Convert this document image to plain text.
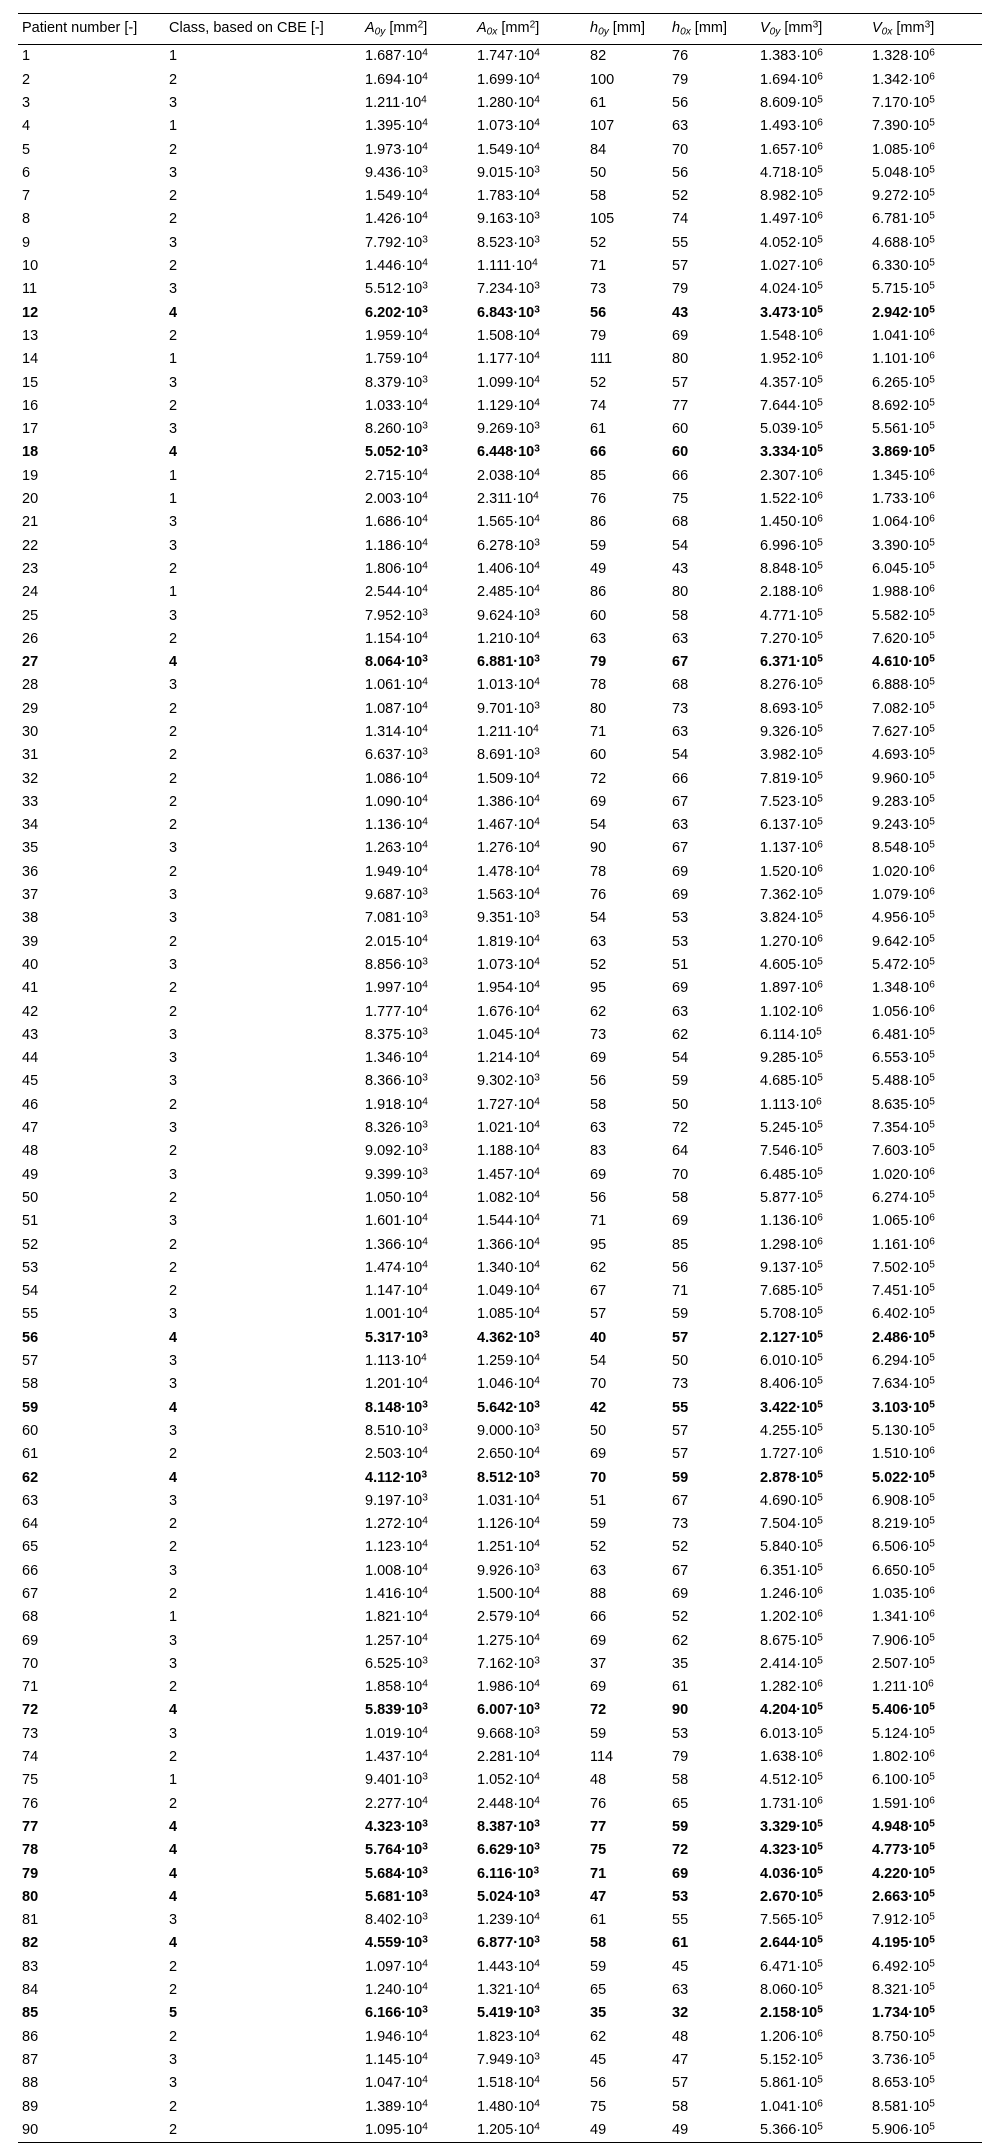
Patient number [-]	Class, based on CBE [-]	$A_{0y}$ $[mm^2]$	$A_{0x}$ $[mm^2]$	$h_{0y}$ [mm]	$h_{0x}$ [mm]	$V_{0y}$ $[mm^3]$	$V_{0x}$ $[mm^3]$
1	1	$1.687\cdot 10^4$	$1.747\cdot 10^4$	82	76	$1.383\cdot 10^6$	$1.328\cdot 10^6$
2	2	$1.694\cdot 10^4$	$1.699\cdot 10^4$	100	79	$1.694\cdot 10^6$	$1.342\cdot 10^6$
3	3	$1.211\cdot 10^4$	$1.280\cdot 10^4$	61	56	$8.609\cdot 10^5$	$7.170\cdot 10^5$
4	1	$1.395\cdot 10^4$	$1.073\cdot 10^4$	107	63	$1.493\cdot 10^6$	$7.390\cdot 10^5$
5	2	$1.973\cdot 10^4$	$1.549\cdot 10^4$	84	70	$1.657\cdot 10^6$	$1.085\cdot 10^6$
6	3	$9.436\cdot 10^3$	$9.015\cdot 10^3$	50	56	$4.718\cdot 10^5$	$5.048\cdot 10^5$
7	2	$1.549\cdot 10^4$	$1.783\cdot 10^4$	58	52	$8.982\cdot 10^5$	$9.272\cdot 10^5$
8	2	$1.426\cdot 10^4$	$9.163\cdot 10^3$	105	74	$1.497\cdot 10^6$	$6.781\cdot 10^5$
9	3	$7.792\cdot 10^3$	$8.523\cdot 10^3$	52	55	$4.052\cdot 10^5$	$4.688\cdot 10^5$
10	2	$1.446\cdot 10^4$	$1.111\cdot 10^4$	71	57	$1.027\cdot 10^6$	$6.330\cdot 10^5$
11	3	$5.512\cdot 10^3$	$7.234\cdot 10^3$	73	79	$4.024\cdot 10^5$	$5.715\cdot 10^5$
12	4	$6.202\cdot 10^3$	$6.843\cdot 10^3$	56	43	$3.473\cdot 10^5$	$2.942\cdot 10^5$
13	2	$1.959\cdot 10^4$	$1.508\cdot 10^4$	79	69	$1.548\cdot 10^6$	$1.041\cdot 10^6$
14	1	$1.759\cdot 10^4$	$1.177\cdot 10^4$	111	80	$1.952\cdot 10^6$	$1.101\cdot 10^6$
15	3	$8.379\cdot 10^3$	$1.099\cdot 10^4$	52	57	$4.357\cdot 10^5$	$6.265\cdot 10^5$
16	2	$1.033\cdot 10^4$	$1.129\cdot 10^4$	74	77	$7.644\cdot 10^5$	$8.692\cdot 10^5$
17	3	$8.260\cdot 10^3$	$9.269\cdot 10^3$	61	60	$5.039\cdot 10^5$	$5.561\cdot 10^5$
18	4	$5.052\cdot 10^3$	$6.448\cdot 10^3$	66	60	$3.334\cdot 10^5$	$3.869\cdot 10^5$
19	1	$2.715\cdot 10^4$	$2.038\cdot 10^4$	85	66	$2.307\cdot 10^6$	$1.345\cdot 10^6$
20	1	$2.003\cdot 10^4$	$2.311\cdot 10^4$	76	75	$1.522\cdot 10^6$	$1.733\cdot 10^6$
21	3	$1.686\cdot 10^4$	$1.565\cdot 10^4$	86	68	$1.450\cdot 10^6$	$1.064\cdot 10^6$
22	3	$1.186\cdot 10^4$	$6.278\cdot 10^3$	59	54	$6.996\cdot 10^5$	$3.390\cdot 10^5$
23	2	$1.806\cdot 10^4$	$1.406\cdot 10^4$	49	43	$8.848\cdot 10^5$	$6.045\cdot 10^5$
24	1	$2.544\cdot 10^4$	$2.485\cdot 10^4$	86	80	$2.188\cdot 10^6$	$1.988\cdot 10^6$
25	3	$7.952\cdot 10^3$	$9.624\cdot 10^3$	60	58	$4.771\cdot 10^5$	$5.582\cdot 10^5$
26	2	$1.154\cdot 10^4$	$1.210\cdot 10^4$	63	63	$7.270\cdot 10^5$	$7.620\cdot 10^5$
27	4	$8.064\cdot 10^3$	$6.881\cdot 10^3$	79	67	$6.371\cdot 10^5$	$4.610\cdot 10^5$
28	3	$1.061\cdot 10^4$	$1.013\cdot 10^4$	78	68	$8.276\cdot 10^5$	$6.888\cdot 10^5$
29	2	$1.087\cdot 10^4$	$9.701\cdot 10^3$	80	73	$8.693\cdot 10^5$	$7.082\cdot 10^5$
30	2	$1.314\cdot 10^4$	$1.211\cdot 10^4$	71	63	$9.326\cdot 10^5$	$7.627\cdot 10^5$
31	2	$6.637\cdot 10^3$	$8.691\cdot 10^3$	60	54	$3.982\cdot 10^5$	$4.693\cdot 10^5$
32	2	$1.086\cdot 10^4$	$1.509\cdot 10^4$	72	66	$7.819\cdot 10^5$	$9.960\cdot 10^5$
33	2	$1.090\cdot 10^4$	$1.386\cdot 10^4$	69	67	$7.523\cdot 10^5$	$9.283\cdot 10^5$
34	2	$1.136\cdot 10^4$	$1.467\cdot 10^4$	54	63	$6.137\cdot 10^5$	$9.243\cdot 10^5$
35	3	$1.263\cdot 10^4$	$1.276\cdot 10^4$	90	67	$1.137\cdot 10^6$	$8.548\cdot 10^5$
36	2	$1.949\cdot 10^4$	$1.478\cdot 10^4$	78	69	$1.520\cdot 10^6$	$1.020\cdot 10^6$
37	3	$9.687\cdot 10^3$	$1.563\cdot 10^4$	76	69	$7.362\cdot 10^5$	$1.079\cdot 10^6$
38	3	$7.081\cdot 10^3$	$9.351\cdot 10^3$	54	53	$3.824\cdot 10^5$	$4.956\cdot 10^5$
39	2	$2.015\cdot 10^4$	$1.819\cdot 10^4$	63	53	$1.270\cdot 10^6$	$9.642\cdot 10^5$
40	3	$8.856\cdot 10^3$	$1.073\cdot 10^4$	52	51	$4.605\cdot 10^5$	$5.472\cdot 10^5$
41	2	$1.997\cdot 10^4$	$1.954\cdot 10^4$	95	69	$1.897\cdot 10^6$	$1.348\cdot 10^6$
42	2	$1.777\cdot 10^4$	$1.676\cdot 10^4$	62	63	$1.102\cdot 10^6$	$1.056\cdot 10^6$
43	3	$8.375\cdot 10^3$	$1.045\cdot 10^4$	73	62	$6.114\cdot 10^5$	$6.481\cdot 10^5$
44	3	$1.346\cdot 10^4$	$1.214\cdot 10^4$	69	54	$9.285\cdot 10^5$	$6.553\cdot 10^5$
45	3	$8.366\cdot 10^3$	$9.302\cdot 10^3$	56	59	$4.685\cdot 10^5$	$5.488\cdot 10^5$
46	2	$1.918\cdot 10^4$	$1.727\cdot 10^4$	58	50	$1.113\cdot 10^6$	$8.635\cdot 10^5$
47	3	$8.326\cdot 10^3$	$1.021\cdot 10^4$	63	72	$5.245\cdot 10^5$	$7.354\cdot 10^5$
48	2	$9.092\cdot 10^3$	$1.188\cdot 10^4$	83	64	$7.546\cdot 10^5$	$7.603\cdot 10^5$
49	3	$9.399\cdot 10^3$	$1.457\cdot 10^4$	69	70	$6.485\cdot 10^5$	$1.020\cdot 10^6$
50	2	$1.050\cdot 10^4$	$1.082\cdot 10^4$	56	58	$5.877\cdot 10^5$	$6.274\cdot 10^5$
51	3	$1.601\cdot 10^4$	$1.544\cdot 10^4$	71	69	$1.136\cdot 10^6$	$1.065\cdot 10^6$
52	2	$1.366\cdot 10^4$	$1.366\cdot 10^4$	95	85	$1.298\cdot 10^6$	$1.161\cdot 10^6$
53	2	$1.474\cdot 10^4$	$1.340\cdot 10^4$	62	56	$9.137\cdot 10^5$	$7.502\cdot 10^5$
54	2	$1.147\cdot 10^4$	$1.049\cdot 10^4$	67	71	$7.685\cdot 10^5$	$7.451\cdot 10^5$
55	3	$1.001\cdot 10^4$	$1.085\cdot 10^4$	57	59	$5.708\cdot 10^5$	$6.402\cdot 10^5$
56	4	$5.317\cdot 10^3$	$4.362\cdot 10^3$	40	57	$2.127\cdot 10^5$	$2.486\cdot 10^5$
57	3	$1.113\cdot 10^4$	$1.259\cdot 10^4$	54	50	$6.010\cdot 10^5$	$6.294\cdot 10^5$
58	3	$1.201\cdot 10^4$	$1.046\cdot 10^4$	70	73	$8.406\cdot 10^5$	$7.634\cdot 10^5$
59	4	$8.148\cdot 10^3$	$5.642\cdot 10^3$	42	55	$3.422\cdot 10^5$	$3.103\cdot 10^5$
60	3	$8.510\cdot 10^3$	$9.000\cdot 10^3$	50	57	$4.255\cdot 10^5$	$5.130\cdot 10^5$
61	2	$2.503\cdot 10^4$	$2.650\cdot 10^4$	69	57	$1.727\cdot 10^6$	$1.510\cdot 10^6$
62	4	$4.112\cdot 10^3$	$8.512\cdot 10^3$	70	59	$2.878\cdot 10^5$	$5.022\cdot 10^5$
63	3	$9.197\cdot 10^3$	$1.031\cdot 10^4$	51	67	$4.690\cdot 10^5$	$6.908\cdot 10^5$
64	2	$1.272\cdot 10^4$	$1.126\cdot 10^4$	59	73	$7.504\cdot 10^5$	$8.219\cdot 10^5$
65	2	$1.123\cdot 10^4$	$1.251\cdot 10^4$	52	52	$5.840\cdot 10^5$	$6.506\cdot 10^5$
66	3	$1.008\cdot 10^4$	$9.926\cdot 10^3$	63	67	$6.351\cdot 10^5$	$6.650\cdot 10^5$
67	2	$1.416\cdot 10^4$	$1.500\cdot 10^4$	88	69	$1.246\cdot 10^6$	$1.035\cdot 10^6$
68	1	$1.821\cdot 10^4$	$2.579\cdot 10^4$	66	52	$1.202\cdot 10^6$	$1.341\cdot 10^6$
69	3	$1.257\cdot 10^4$	$1.275\cdot 10^4$	69	62	$8.675\cdot 10^5$	$7.906\cdot 10^5$
70	3	$6.525\cdot 10^3$	$7.162\cdot 10^3$	37	35	$2.414\cdot 10^5$	$2.507\cdot 10^5$
71	2	$1.858\cdot 10^4$	$1.986\cdot 10^4$	69	61	$1.282\cdot 10^6$	$1.211\cdot 10^6$
72	4	$5.839\cdot 10^3$	$6.007\cdot 10^3$	72	90	$4.204\cdot 10^5$	$5.406\cdot 10^5$
73	3	$1.019\cdot 10^4$	$9.668\cdot 10^3$	59	53	$6.013\cdot 10^5$	$5.124\cdot 10^5$
74	2	$1.437\cdot 10^4$	$2.281\cdot 10^4$	114	79	$1.638\cdot 10^6$	$1.802\cdot 10^6$
75	1	$9.401\cdot 10^3$	$1.052\cdot 10^4$	48	58	$4.512\cdot 10^5$	$6.100\cdot 10^5$
76	2	$2.277\cdot 10^4$	$2.448\cdot 10^4$	76	65	$1.731\cdot 10^6$	$1.591\cdot 10^6$
77	4	$4.323\cdot 10^3$	$8.387\cdot 10^3$	77	59	$3.329\cdot 10^5$	$4.948\cdot 10^5$
78	4	$5.764\cdot 10^3$	$6.629\cdot 10^3$	75	72	$4.323\cdot 10^5$	$4.773\cdot 10^5$
79	4	$5.684\cdot 10^3$	$6.116\cdot 10^3$	71	69	$4.036\cdot 10^5$	$4.220\cdot 10^5$
80	4	$5.681\cdot 10^3$	$5.024\cdot 10^3$	47	53	$2.670\cdot 10^5$	$2.663\cdot 10^5$
81	3	$8.402\cdot 10^3$	$1.239\cdot 10^4$	61	55	$7.565\cdot 10^5$	$7.912\cdot 10^5$
82	4	$4.559\cdot 10^3$	$6.877\cdot 10^3$	58	61	$2.644\cdot 10^5$	$4.195\cdot 10^5$
83	2	$1.097\cdot 10^4$	$1.443\cdot 10^4$	59	45	$6.471\cdot 10^5$	$6.492\cdot 10^5$
84	2	$1.240\cdot 10^4$	$1.321\cdot 10^4$	65	63	$8.060\cdot 10^5$	$8.321\cdot 10^5$
85	5	$6.166\cdot 10^3$	$5.419\cdot 10^3$	35	32	$2.158\cdot 10^5$	$1.734\cdot 10^5$
86	2	$1.946\cdot 10^4$	$1.823\cdot 10^4$	62	48	$1.206\cdot 10^6$	$8.750\cdot 10^5$
87	3	$1.145\cdot 10^4$	$7.949\cdot 10^3$	45	47	$5.152\cdot 10^5$	$3.736\cdot 10^5$
88	3	$1.047\cdot 10^4$	$1.518\cdot 10^4$	56	57	$5.861\cdot 10^5$	$8.653\cdot 10^5$
89	2	$1.389\cdot 10^4$	$1.480\cdot 10^4$	75	58	$1.041\cdot 10^6$	$8.581\cdot 10^5$
90	2	$1.095\cdot 10^4$	$1.205\cdot 10^4$	49	49	$5.366\cdot 10^5$	$5.906\cdot 10^5$
